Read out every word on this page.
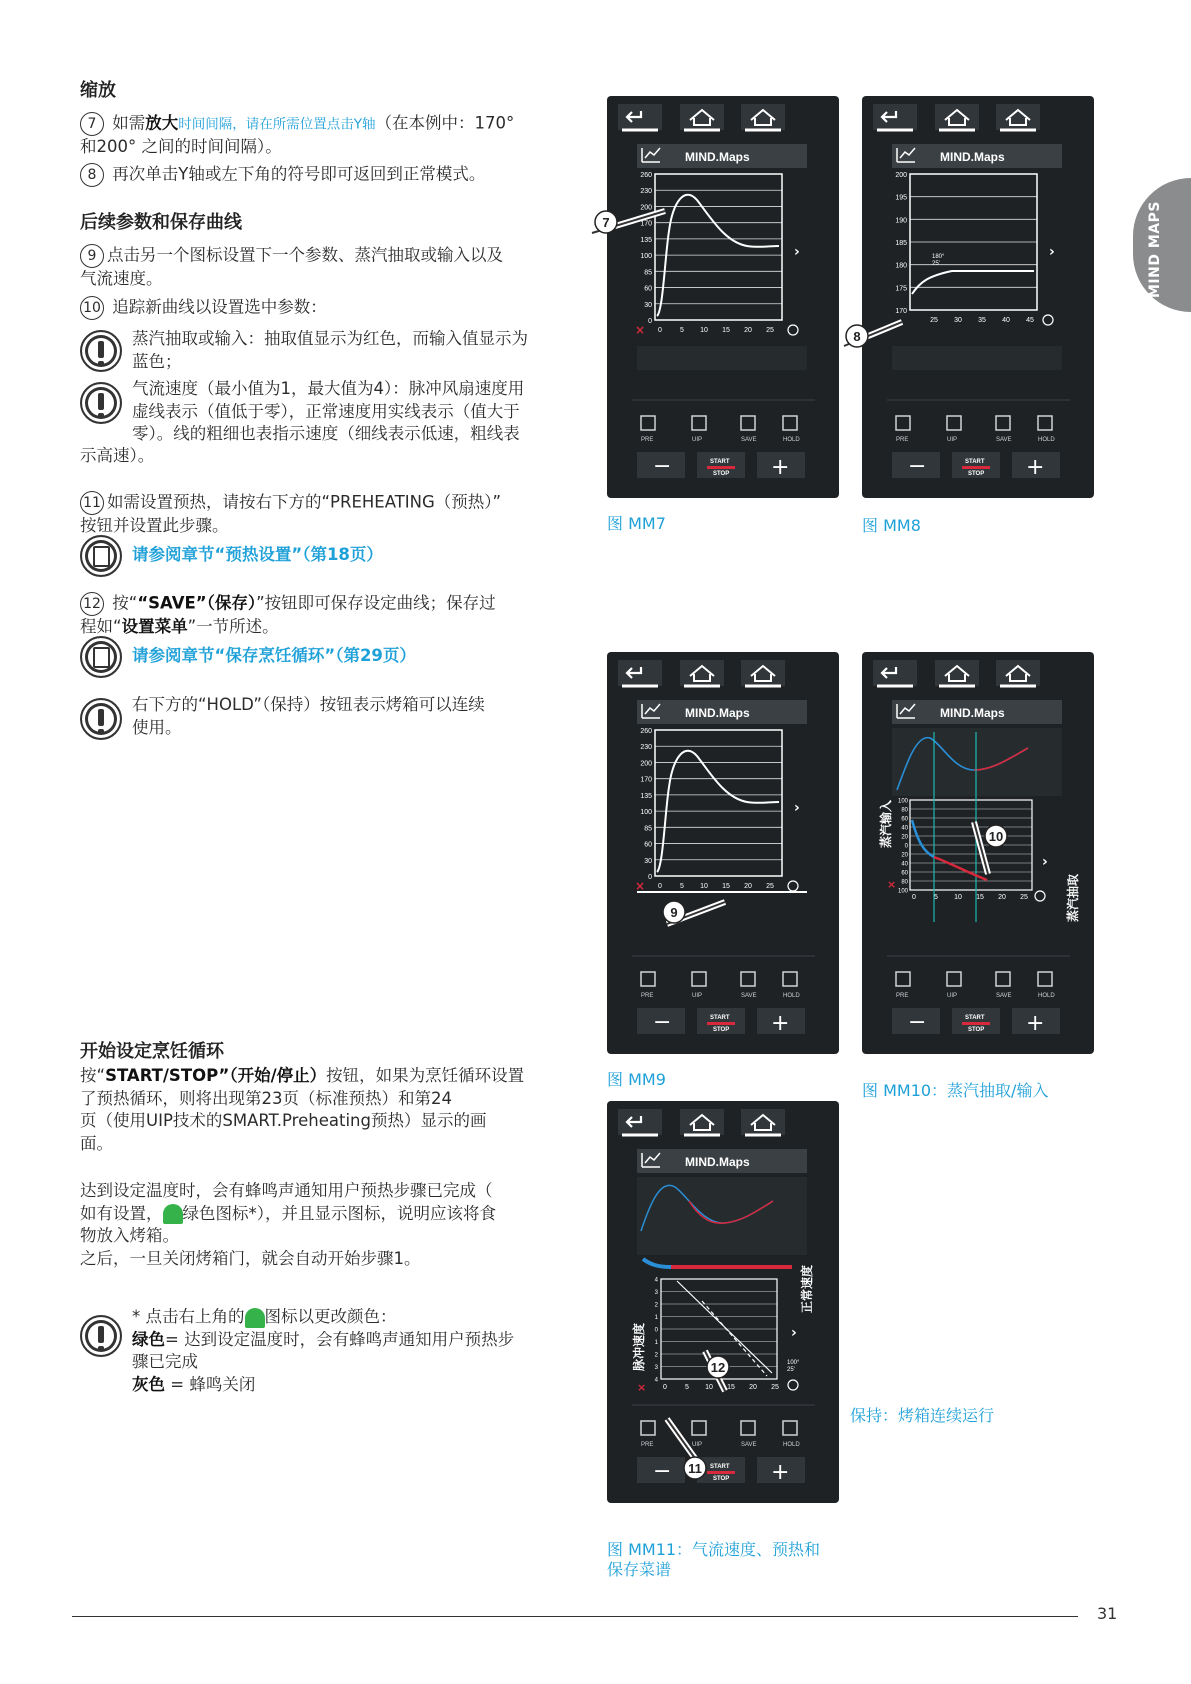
MIND MAPS
缩放
7 如需放大时间间隔，请在所需位置点击Y轴（在本例中：170°
和200° 之间的时间间隔）。
8 再次单击Y轴或左下角的符号即可返回到正常模式。
后续参数和保存曲线
9 点击另一个图标设置下一个参数、蒸汽抽取或输入以及
气流速度。
10 追踪新曲线以设置选中参数：
蒸汽抽取或输入：抽取值显示为红色，而输入值显示为
蓝色；
气流速度（最小值为1，最大值为4）：脉冲风扇速度用
虚线表示（值低于零），正常速度用实线表示（值大于
零）。线的粗细也表指示速度（细线表示低速，粗线表
示高速）。
11 如需设置预热，请按右下方的“PREHEATING（预热）”
按钮并设置此步骤。
请参阅章节“预热设置”（第18页）
12 按““SAVE”（保存）”按钮即可保存设定曲线；保存过
程如“设置菜单”一节所述。
请参阅章节“保存烹饪循环”（第29页）
右下方的“HOLD”（保持）按钮表示烤箱可以连续
使用。
开始设定烹饪循环
按“START/STOP”（开始/停止）按钮，如果为烹饪循环设置
了预热循环，则将出现第23页（标准预热）和第24
页（使用UIP技术的SMART.Preheating预热）显示的画
面。
达到设定温度时，会有蜂鸣声通知用户预热步骤已完成（
如有设置， 绿色图标*），并且显示图标，说明应该将食
物放入烤箱。
之后，一旦关闭烤箱门，就会自动开始步骤1。
* 点击右上角的 图标以更改颜色：
绿色= 达到设定温度时，会有蜂鸣声通知用户预热步
骤已完成
灰色 = 蜂鸣关闭
MIND.Maps
PRE	UIP	SAVE	HOLD
−	START
STOP +
260
230
200
170
135
100
85
60
30
0
0	5 10 15 20 25
×
›
7
MIND.Maps
PRE	UIP	SAVE	HOLD
−	START
STOP +
200
195
190
185
180
175
170
25 30 35 40 45
180°
25'
›
8
MIND.Maps
PRE	UIP	SAVE	HOLD
−	START
STOP +
260
230
200
170
135
100
85
60
30
0
0	5 10 15 20 25
×
›
9
MIND.Maps
PRE	UIP	SAVE	HOLD
−	START
STOP +
100
80
60
40
20
0
20
40
60
80
100
0	5 10 15 20 25
×
›
蒸汽输入
蒸汽抽取
10
MIND.Maps
PRE	UIP	SAVE	HOLD
−	START
STOP +
4
3
2
1
0
1
2
3
4
0	5 10 15 20 25
100°
25'
×
›
脉冲速度
正常速度
12
11
图 MM7	图 MM8
图 MM9
图 MM10：蒸汽抽取/输入
图 MM11：气流速度、预热和
保存菜谱
保持：烤箱连续运行
31
